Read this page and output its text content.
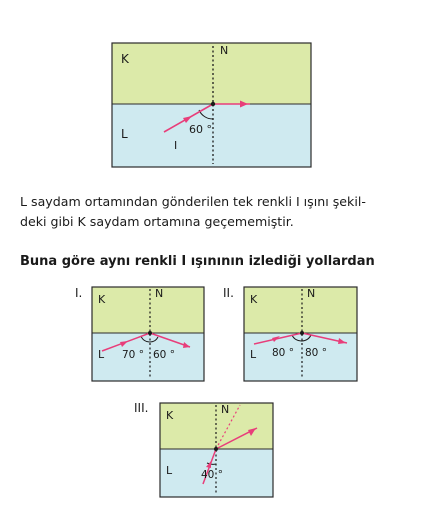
K
L
N
I
60 °
K	N
L 70 ° 60 °
K	N
L 80 ° 80 °
K	N
L	40 °

L saydam ortamından gönderilen tek renkli I ışını şekil-
deki gibi K saydam ortamına geçememiştir.

Buna göre aynı renkli I ışınının izlediği yollardan

I.	II.
III.
